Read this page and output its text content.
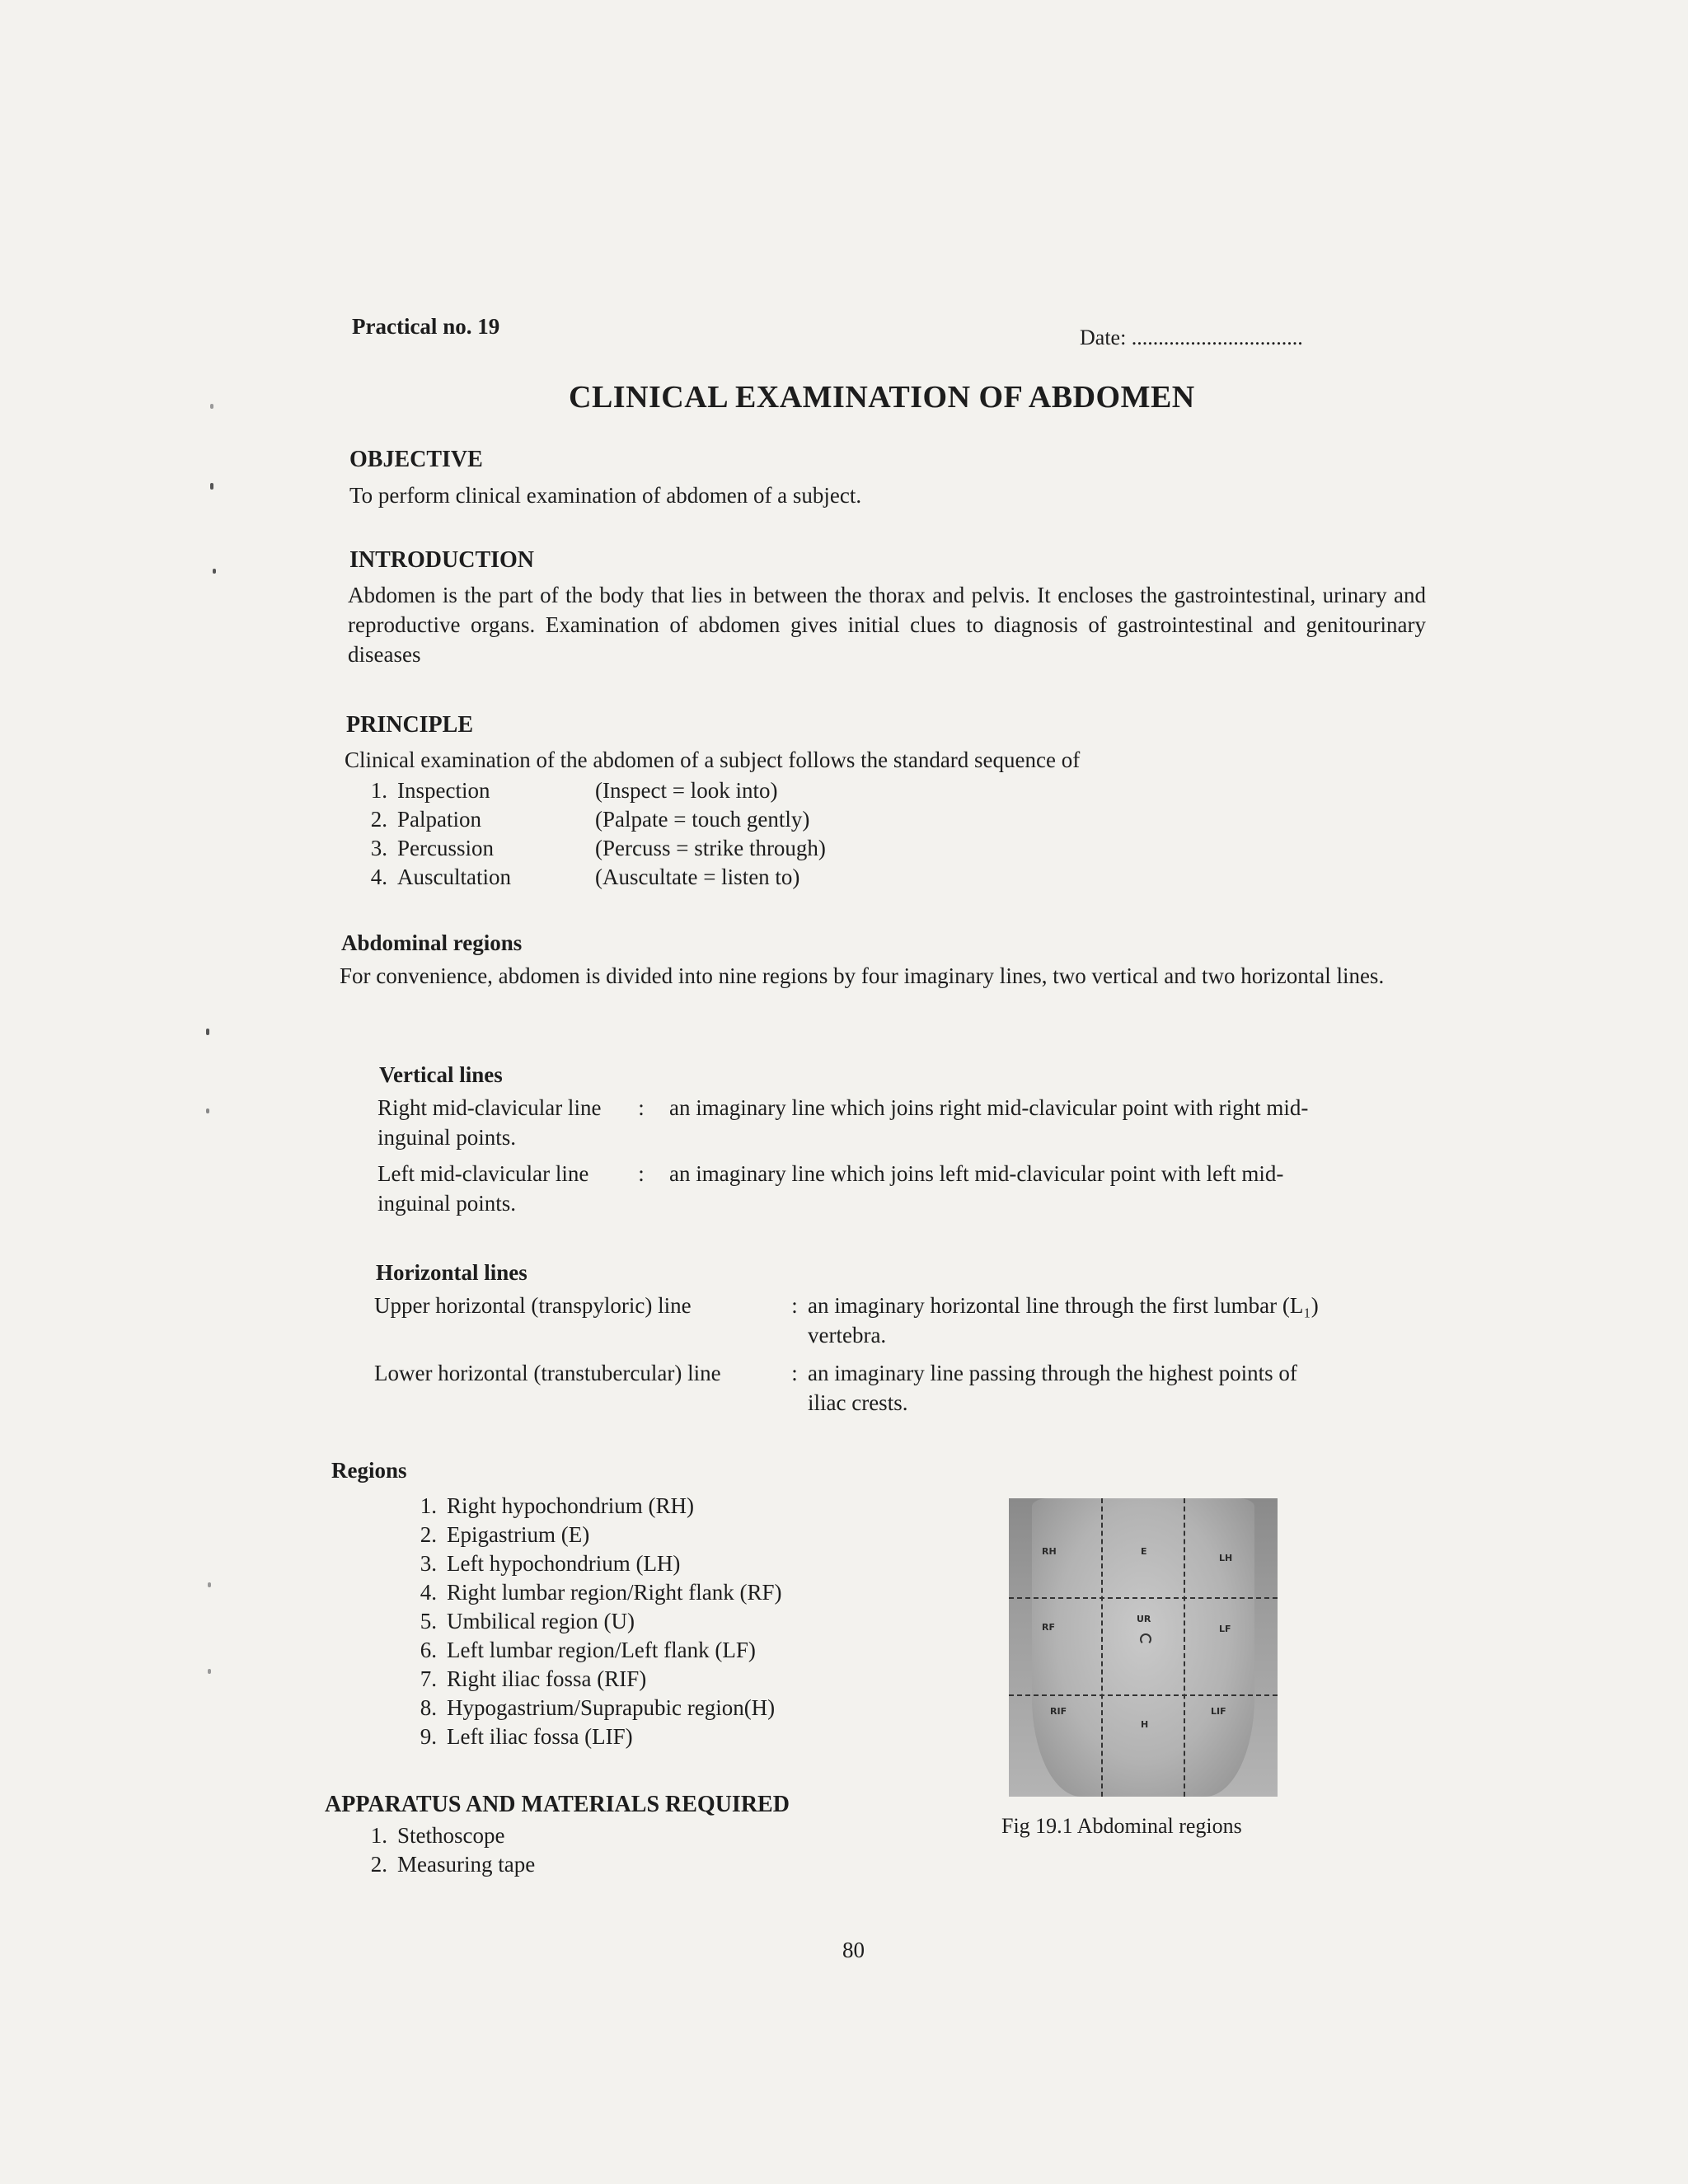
Practical no. 19	Date: ................................
CLINICAL EXAMINATION OF ABDOMEN
OBJECTIVE
To perform clinical examination of abdomen of a subject.
INTRODUCTION
Abdomen is the part of the body that lies in between the thorax and pelvis. It encloses the gastrointestinal, urinary and reproductive organs. Examination of abdomen gives initial clues to diagnosis of gastrointestinal and genitourinary diseases
PRINCIPLE
Clinical examination of the abdomen of a subject follows the standard sequence of
1. Inspection	(Inspect = look into)
2. Palpation	(Palpate = touch gently)
3. Percussion	(Percuss = strike through)
4. Auscultation	(Auscultate = listen to)
Abdominal regions
For convenience, abdomen is divided into nine regions by four imaginary lines, two vertical and two horizontal lines.
Vertical lines
Right mid-clavicular line : an imaginary line which joins right mid-clavicular point with right mid-
inguinal points.
Left mid-clavicular line : an imaginary line which joins left mid-clavicular point with left mid-
inguinal points.
Horizontal lines
Upper horizontal (transpyloric) line	: an imaginary horizontal line through the first lumbar (L₁)
vertebra.
Lower horizontal (transtubercular) line	: an imaginary line passing through the highest points of
iliac crests.
Regions
1. Right hypochondrium (RH)
2. Epigastrium (E)
3. Left hypochondrium (LH)
4. Right lumbar region/Right flank (RF)
5. Umbilical region (U)
6. Left lumbar region/Left flank (LF)
7. Right iliac fossa (RIF)
8. Hypogastrium/Suprapubic region(H)
9. Left iliac fossa (LIF)
APPARATUS AND MATERIALS REQUIRED
1. Stethoscope
2. Measuring tape
RH	E
LH
RF
UR
LF
RIF
H
LIF
Fig 19.1 Abdominal regions
80
